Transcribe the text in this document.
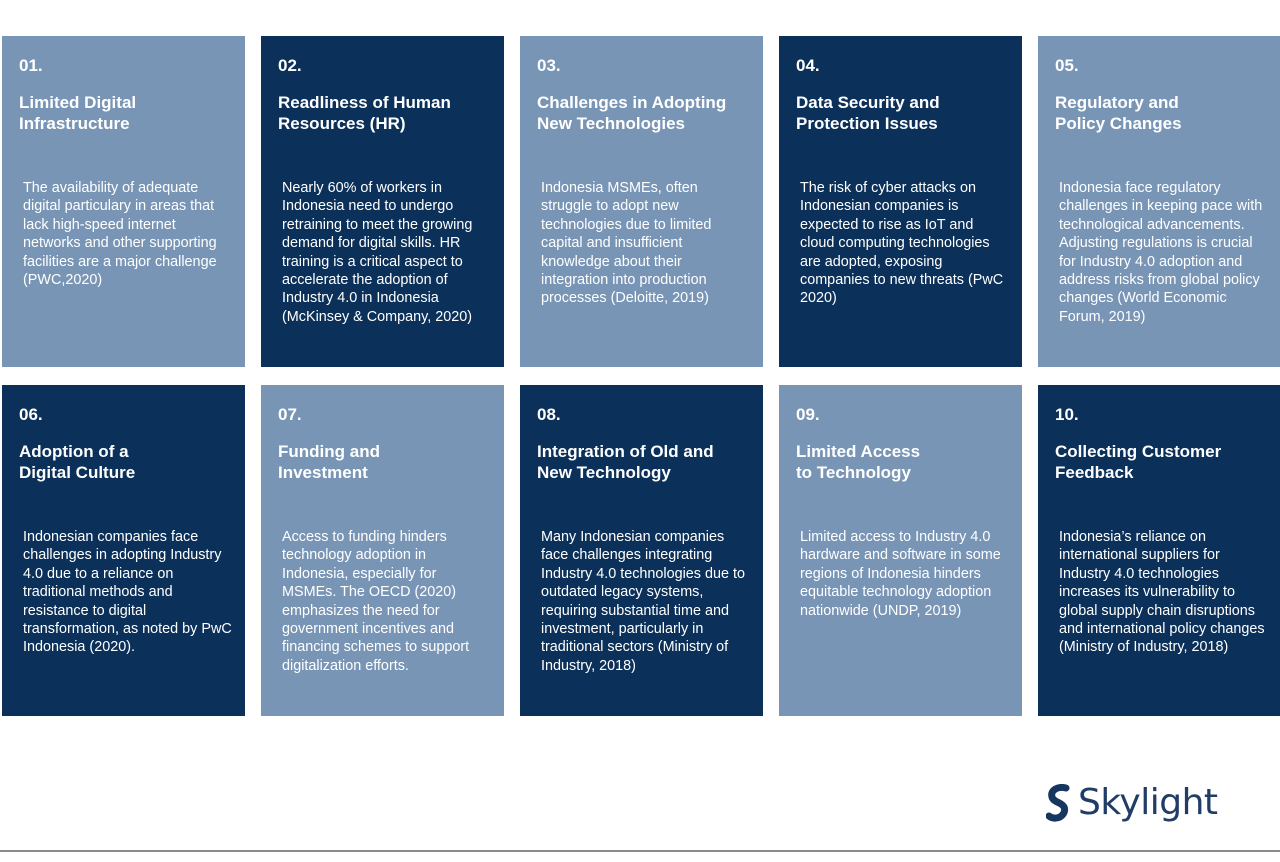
01.
Limited Digital Infrastructure

The availability of adequate digital particulary in areas that lack high-speed internet networks and other supporting facilities are a major challenge (PWC,2020)

02.
Readliness of Human Resources (HR)

Nearly 60% of workers in Indonesia need to undergo retraining to meet the growing demand for digital skills. HR training is a critical aspect to accelerate the adoption of Industry 4.0 in Indonesia (McKinsey & Company, 2020)

03.
Challenges in Adopting New Technologies

Indonesia MSMEs, often struggle to adopt new technologies due to limited capital and insufficient knowledge about their integration into production processes (Deloitte, 2019)

04.
Data Security and Protection Issues

The risk of cyber attacks on Indonesian companies is expected to rise as IoT and cloud computing technologies are adopted, exposing companies to new threats (PwC 2020)

05.
Regulatory and Policy Changes

Indonesia face regulatory challenges in keeping pace with technological advancements. Adjusting regulations is crucial for Industry 4.0 adoption and address risks from global policy changes (World Economic Forum, 2019)

06.
Adoption of a Digital Culture

Indonesian companies face challenges in adopting Industry 4.0 due to a reliance on traditional methods and resistance to digital transformation, as noted by PwC Indonesia (2020).

07.
Funding and Investment

Access to funding hinders technology adoption in Indonesia, especially for MSMEs. The OECD (2020) emphasizes the need for government incentives and financing schemes to support digitalization efforts.

08.
Integration of Old and New Technology

Many Indonesian companies face challenges integrating Industry 4.0 technologies due to outdated legacy systems, requiring substantial time and investment, particularly in traditional sectors (Ministry of Industry, 2018)

09.
Limited Access to Technology

Limited access to Industry 4.0 hardware and software in some regions of Indonesia hinders equitable technology adoption nationwide (UNDP, 2019)

10.
Collecting Customer Feedback

Indonesia’s reliance on international suppliers for Industry 4.0 technologies increases its vulnerability to global supply chain disruptions and international policy changes (Ministry of Industry, 2018)

Skylight
